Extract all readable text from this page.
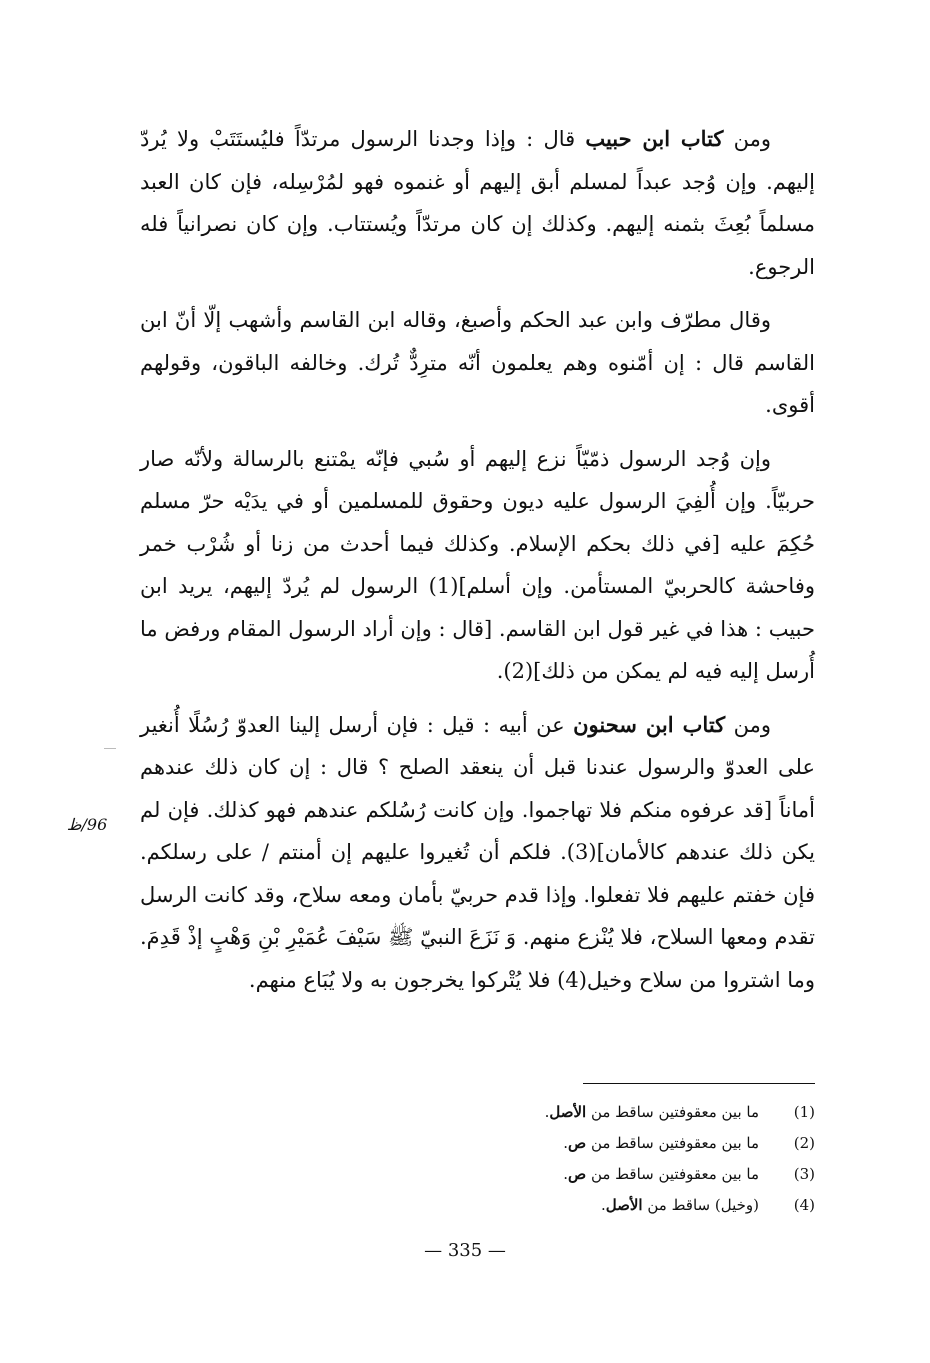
ومن كتاب ابن حبيب قال : وإذا وجدنا الرسول مرتدّاً فليُستَتَبْ ولا يُردّ إليهم. وإن وُجد عبداً لمسلم أبق إليهم أو غنموه فهو لمُرْسِله، فإن كان العبد مسلماً بُعِثَ بثمنه إليهم. وكذلك إن كان مرتدّاً ويُستتاب. وإن كان نصرانياً فله الرجوع.

وقال مطرّف وابن عبد الحكم وأصبغ، وقاله ابن القاسم وأشهب إلّا أنّ ابن القاسم قال : إن أمّنوه وهم يعلمون أنّه مترِدٌّ تُرك. وخالفه الباقون، وقولهم أقوى.

وإن وُجد الرسول ذمّيّاً نزع إليهم أو سُبي فإنّه يمْتنع بالرسالة ولأنّه صار حربيّاً. وإن أُلفِيَ الرسول عليه ديون وحقوق للمسلمين أو في يدَيْه حرّ مسلم حُكِمَ عليه [في ذلك بحكم الإسلام. وكذلك فيما أحدث من زنا أو شُرْب خمر وفاحشة كالحربيّ المستأمن. وإن أسلم](1) الرسول لم يُردّ إليهم، يريد ابن حبيب : هذا في غير قول ابن القاسم. [قال : وإن أراد الرسول المقام ورفض ما أُرسل إليه فيه لم يمكن من ذلك](2).

ومن كتاب ابن سحنون عن أبيه : قيل : فإن أرسل إلينا العدوّ رُسُلًا أُنغير على العدوّ والرسول عندنا قبل أن ينعقد الصلح ؟ قال : إن كان ذلك عندهم أماناً [قد عرفوه منكم فلا تهاجموا. وإن كانت رُسُلكم عندهم فهو كذلك. فإن لم يكن ذلك عندهم كالأمان](3). فلكم أن تُغيروا عليهم إن أمنتم / على رسلكم. فإن خفتم عليهم فلا تفعلوا. وإذا قدم حربيّ بأمان ومعه سلاح، وقد كانت الرسل تقدم ومعها السلاح، فلا يُنْزع منهم. وَ نَزَعَ النبيّ ﷺ سَيْفَ عُمَيْرِ بْنِ وَهْبٍ إذْ قَدِمَ. وما اشتروا من سلاح وخيل(4) فلا يُتْركوا يخرجون به ولا يُبَاع منهم.

96/ظ
(1)
ما بين معقوفتين ساقط من الأصل.
(2)
ما بين معقوفتين ساقط من ص.
(3)
ما بين معقوفتين ساقط من ص.
(4)
(وخيل) ساقط من الأصل.
— 335 —
